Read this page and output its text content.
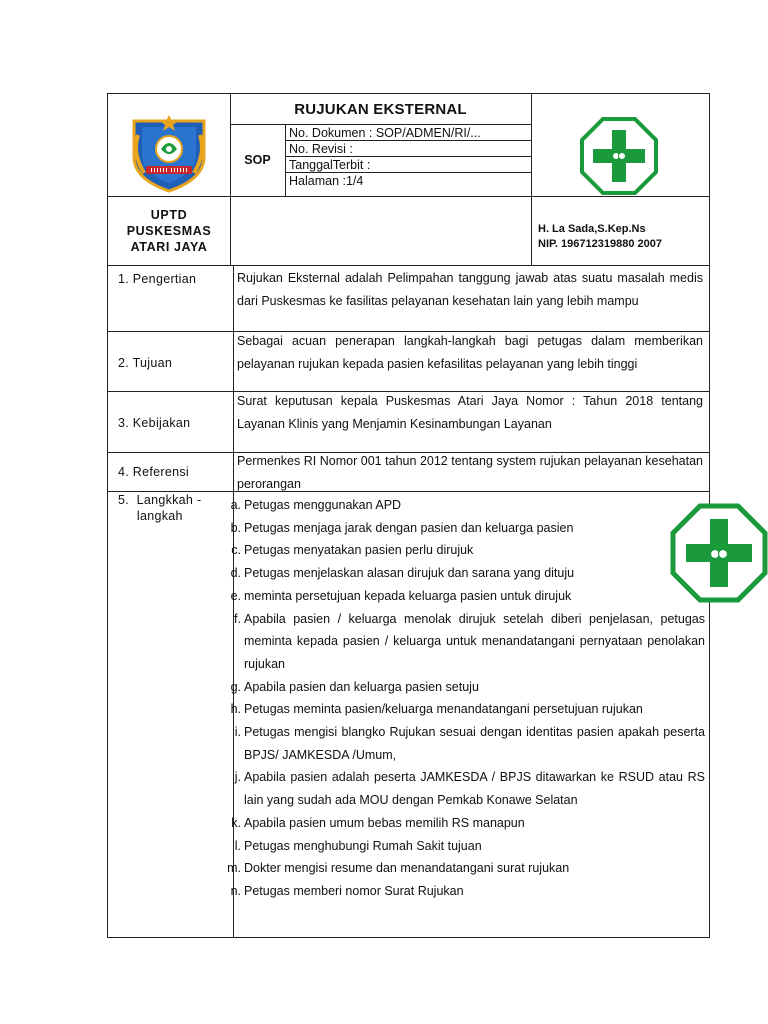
RUJUKAN EKSTERNAL
SOP
No. Dokumen : SOP/ADMEN/RI/...
No. Revisi :
TanggalTerbit :
Halaman :1/4
UPTD
PUSKESMAS
ATARI JAYA
H. La Sada,S.Kep.Ns
NIP. 196712319880 2007
1. Pengertian	Rujukan Eksternal adalah Pelimpahan tanggung jawab atas suatu masalah medis dari Puskesmas ke fasilitas pelayanan kesehatan lain yang lebih mampu
2. Tujuan
Sebagai acuan penerapan langkah-langkah bagi petugas dalam memberikan pelayanan rujukan kepada pasien kefasilitas pelayanan yang lebih tinggi
3. Kebijakan
Surat keputusan kepala Puskesmas Atari Jaya Nomor : Tahun 2018 tentang Layanan Klinis yang Menjamin Kesinambungan Layanan
4. Referensi
Permenkes RI Nomor 001 tahun 2012 tentang system rujukan pelayanan kesehatan perorangan
5.  Langkkah -
langkah
a. Petugas menggunakan APD
b. Petugas menjaga jarak dengan pasien dan keluarga pasien
c. Petugas menyatakan pasien perlu dirujuk
d. Petugas menjelaskan alasan dirujuk dan sarana yang dituju
e. meminta persetujuan kepada keluarga pasien untuk dirujuk
f. Apabila pasien / keluarga menolak dirujuk setelah diberi penjelasan, petugas meminta kepada pasien / keluarga untuk menandatangani pernyataan penolakan rujukan
g. Apabila pasien dan keluarga pasien setuju
h. Petugas meminta pasien/keluarga menandatangani persetujuan rujukan
i. Petugas mengisi blangko Rujukan sesuai dengan identitas pasien apakah peserta BPJS/ JAMKESDA /Umum,
j. Apabila pasien adalah peserta JAMKESDA / BPJS ditawarkan ke RSUD atau RS lain yang sudah ada MOU dengan Pemkab Konawe Selatan
k. Apabila pasien umum bebas memilih RS manapun
l. Petugas menghubungi Rumah Sakit tujuan
m. Dokter mengisi resume dan menandatangani surat rujukan
n. Petugas memberi nomor Surat Rujukan
